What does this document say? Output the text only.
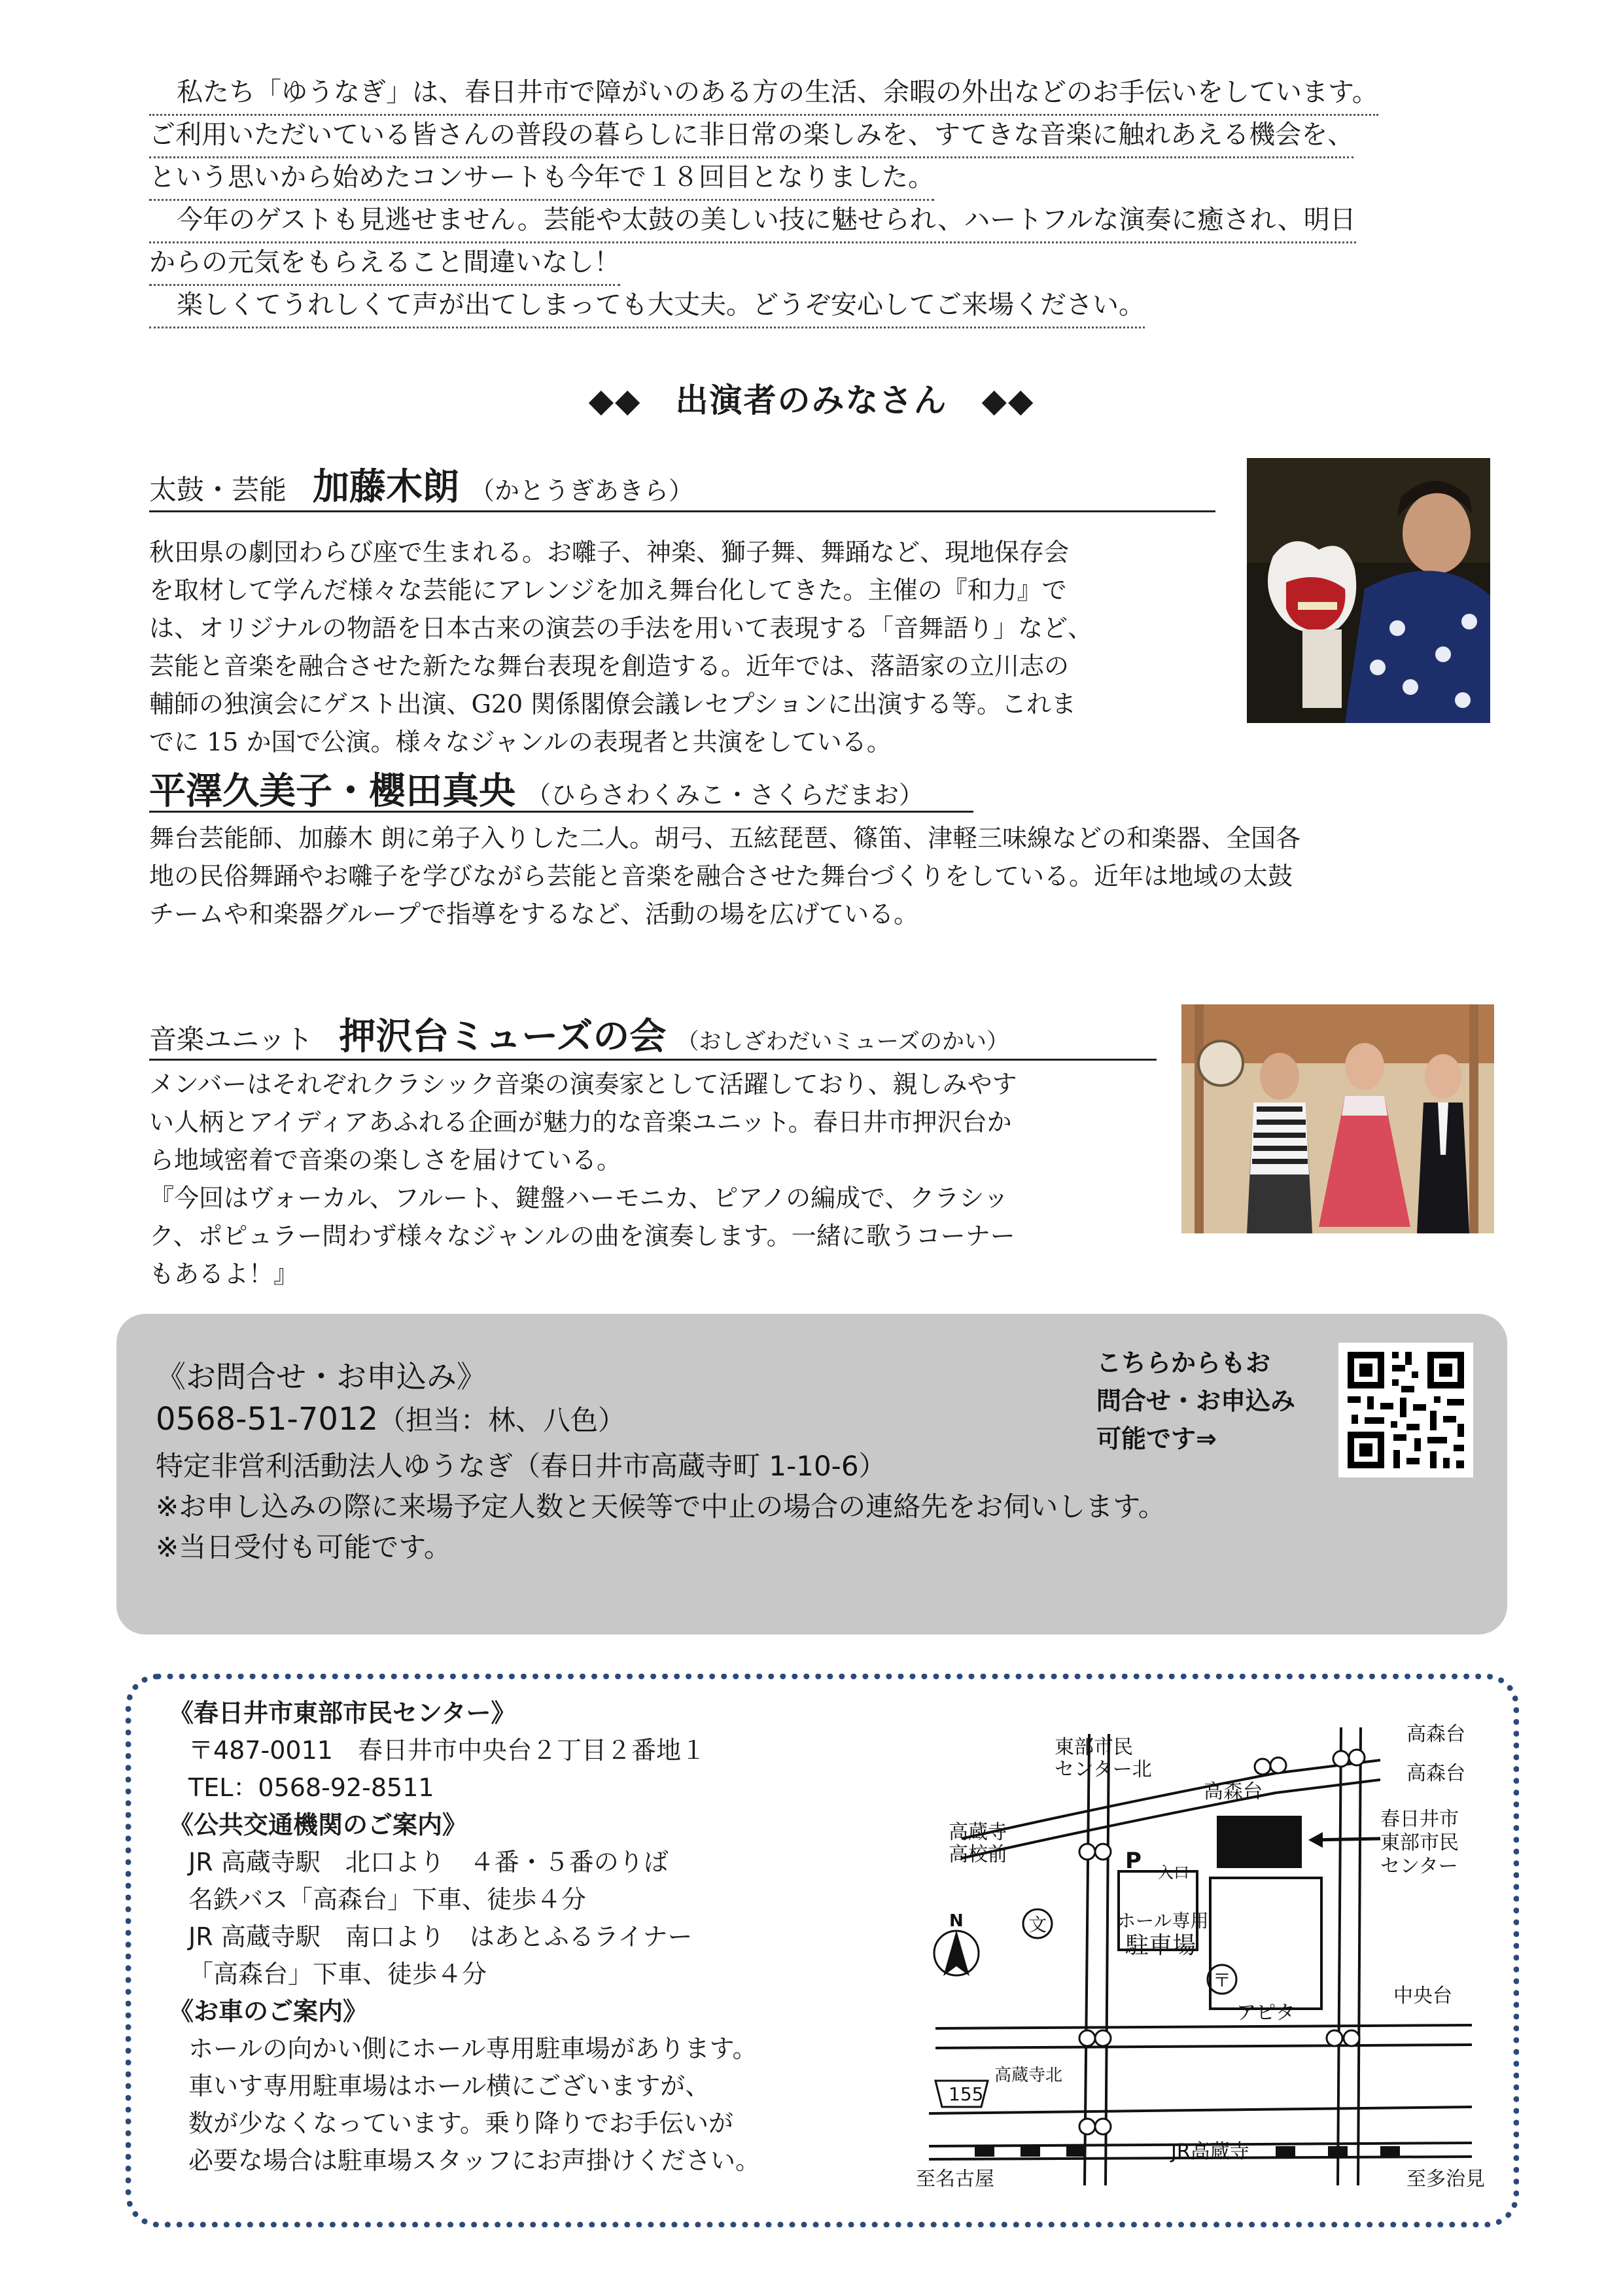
私たち「ゆうなぎ」は、春日井市で障がいのある方の生活、余暇の外出などのお手伝いをしています。
ご利用いただいている皆さんの普段の暮らしに非日常の楽しみを、すてきな音楽に触れあえる機会を、
という思いから始めたコンサートも今年で１８回目となりました。
今年のゲストも見逃せません。芸能や太鼓の美しい技に魅せられ、ハートフルな演奏に癒され、明日
からの元気をもらえること間違いなし！
楽しくてうれしくて声が出てしまっても大丈夫。どうぞ安心してご来場ください。
◆◆　出演者のみなさん　◆◆
太鼓・芸能 加藤木朗 （かとうぎあきら）
秋田県の劇団わらび座で生まれる。お囃子、神楽、獅子舞、舞踊など、現地保存会
を取材して学んだ様々な芸能にアレンジを加え舞台化してきた。主催の『和力』で
は、オリジナルの物語を日本古来の演芸の手法を用いて表現する「音舞語り」など、
芸能と音楽を融合させた新たな舞台表現を創造する。近年では、落語家の立川志の
輔師の独演会にゲスト出演、G20 関係閣僚会議レセプションに出演する等。これま
でに 15 か国で公演。様々なジャンルの表現者と共演をしている。
平澤久美子・櫻田真央 （ひらさわくみこ・さくらだまお）
舞台芸能師、加藤木 朗に弟子入りした二人。胡弓、五絃琵琶、篠笛、津軽三味線などの和楽器、全国各
地の民俗舞踊やお囃子を学びながら芸能と音楽を融合させた舞台づくりをしている。近年は地域の太鼓
チームや和楽器グループで指導をするなど、活動の場を広げている。
音楽ユニット 押沢台ミューズの会 （おしざわだいミューズのかい）
メンバーはそれぞれクラシック音楽の演奏家として活躍しており、親しみやす
い人柄とアイディアあふれる企画が魅力的な音楽ユニット。春日井市押沢台か
ら地域密着で音楽の楽しさを届けている。
『今回はヴォーカル、フルート、鍵盤ハーモニカ、ピアノの編成で、クラシッ
ク、ポピュラー問わず様々なジャンルの曲を演奏します。一緒に歌うコーナー
もあるよ！』
《お問合せ・お申込み》
0568-51-7012（担当：林、八色）
特定非営利活動法人ゆうなぎ（春日井市高蔵寺町 1-10-6）
※お申し込みの際に来場予定人数と天候等で中止の場合の連絡先をお伺いします。
※当日受付も可能です。
こちらからもお
問合せ・お申込み
可能です⇒
《春日井市東部市民センター》
〒487-0011　春日井市中央台２丁目２番地１
TEL：0568-92-8511
《公共交通機関のご案内》
JR 高蔵寺駅　北口より　４番・５番のりば
名鉄バス「高森台」下車、徒歩４分
JR 高蔵寺駅　南口より　はあとふるライナー
「高森台」下車、徒歩４分
《お車のご案内》
ホールの向かい側にホール専用駐車場があります。
車いす専用駐車場はホール横にございますが、
数が少なくなっています。乗り降りでお手伝いが
必要な場合は駐車場スタッフにお声掛けください。
東部市民
センター北
高森台
高森台
高森台
高蔵寺
高校前
春日井市
東部市民
センター
入口
ホール専用
駐車場
アピタ
中央台
高蔵寺北
155
至名古屋	至多治見
JR高蔵寺
N
P
文
〒
